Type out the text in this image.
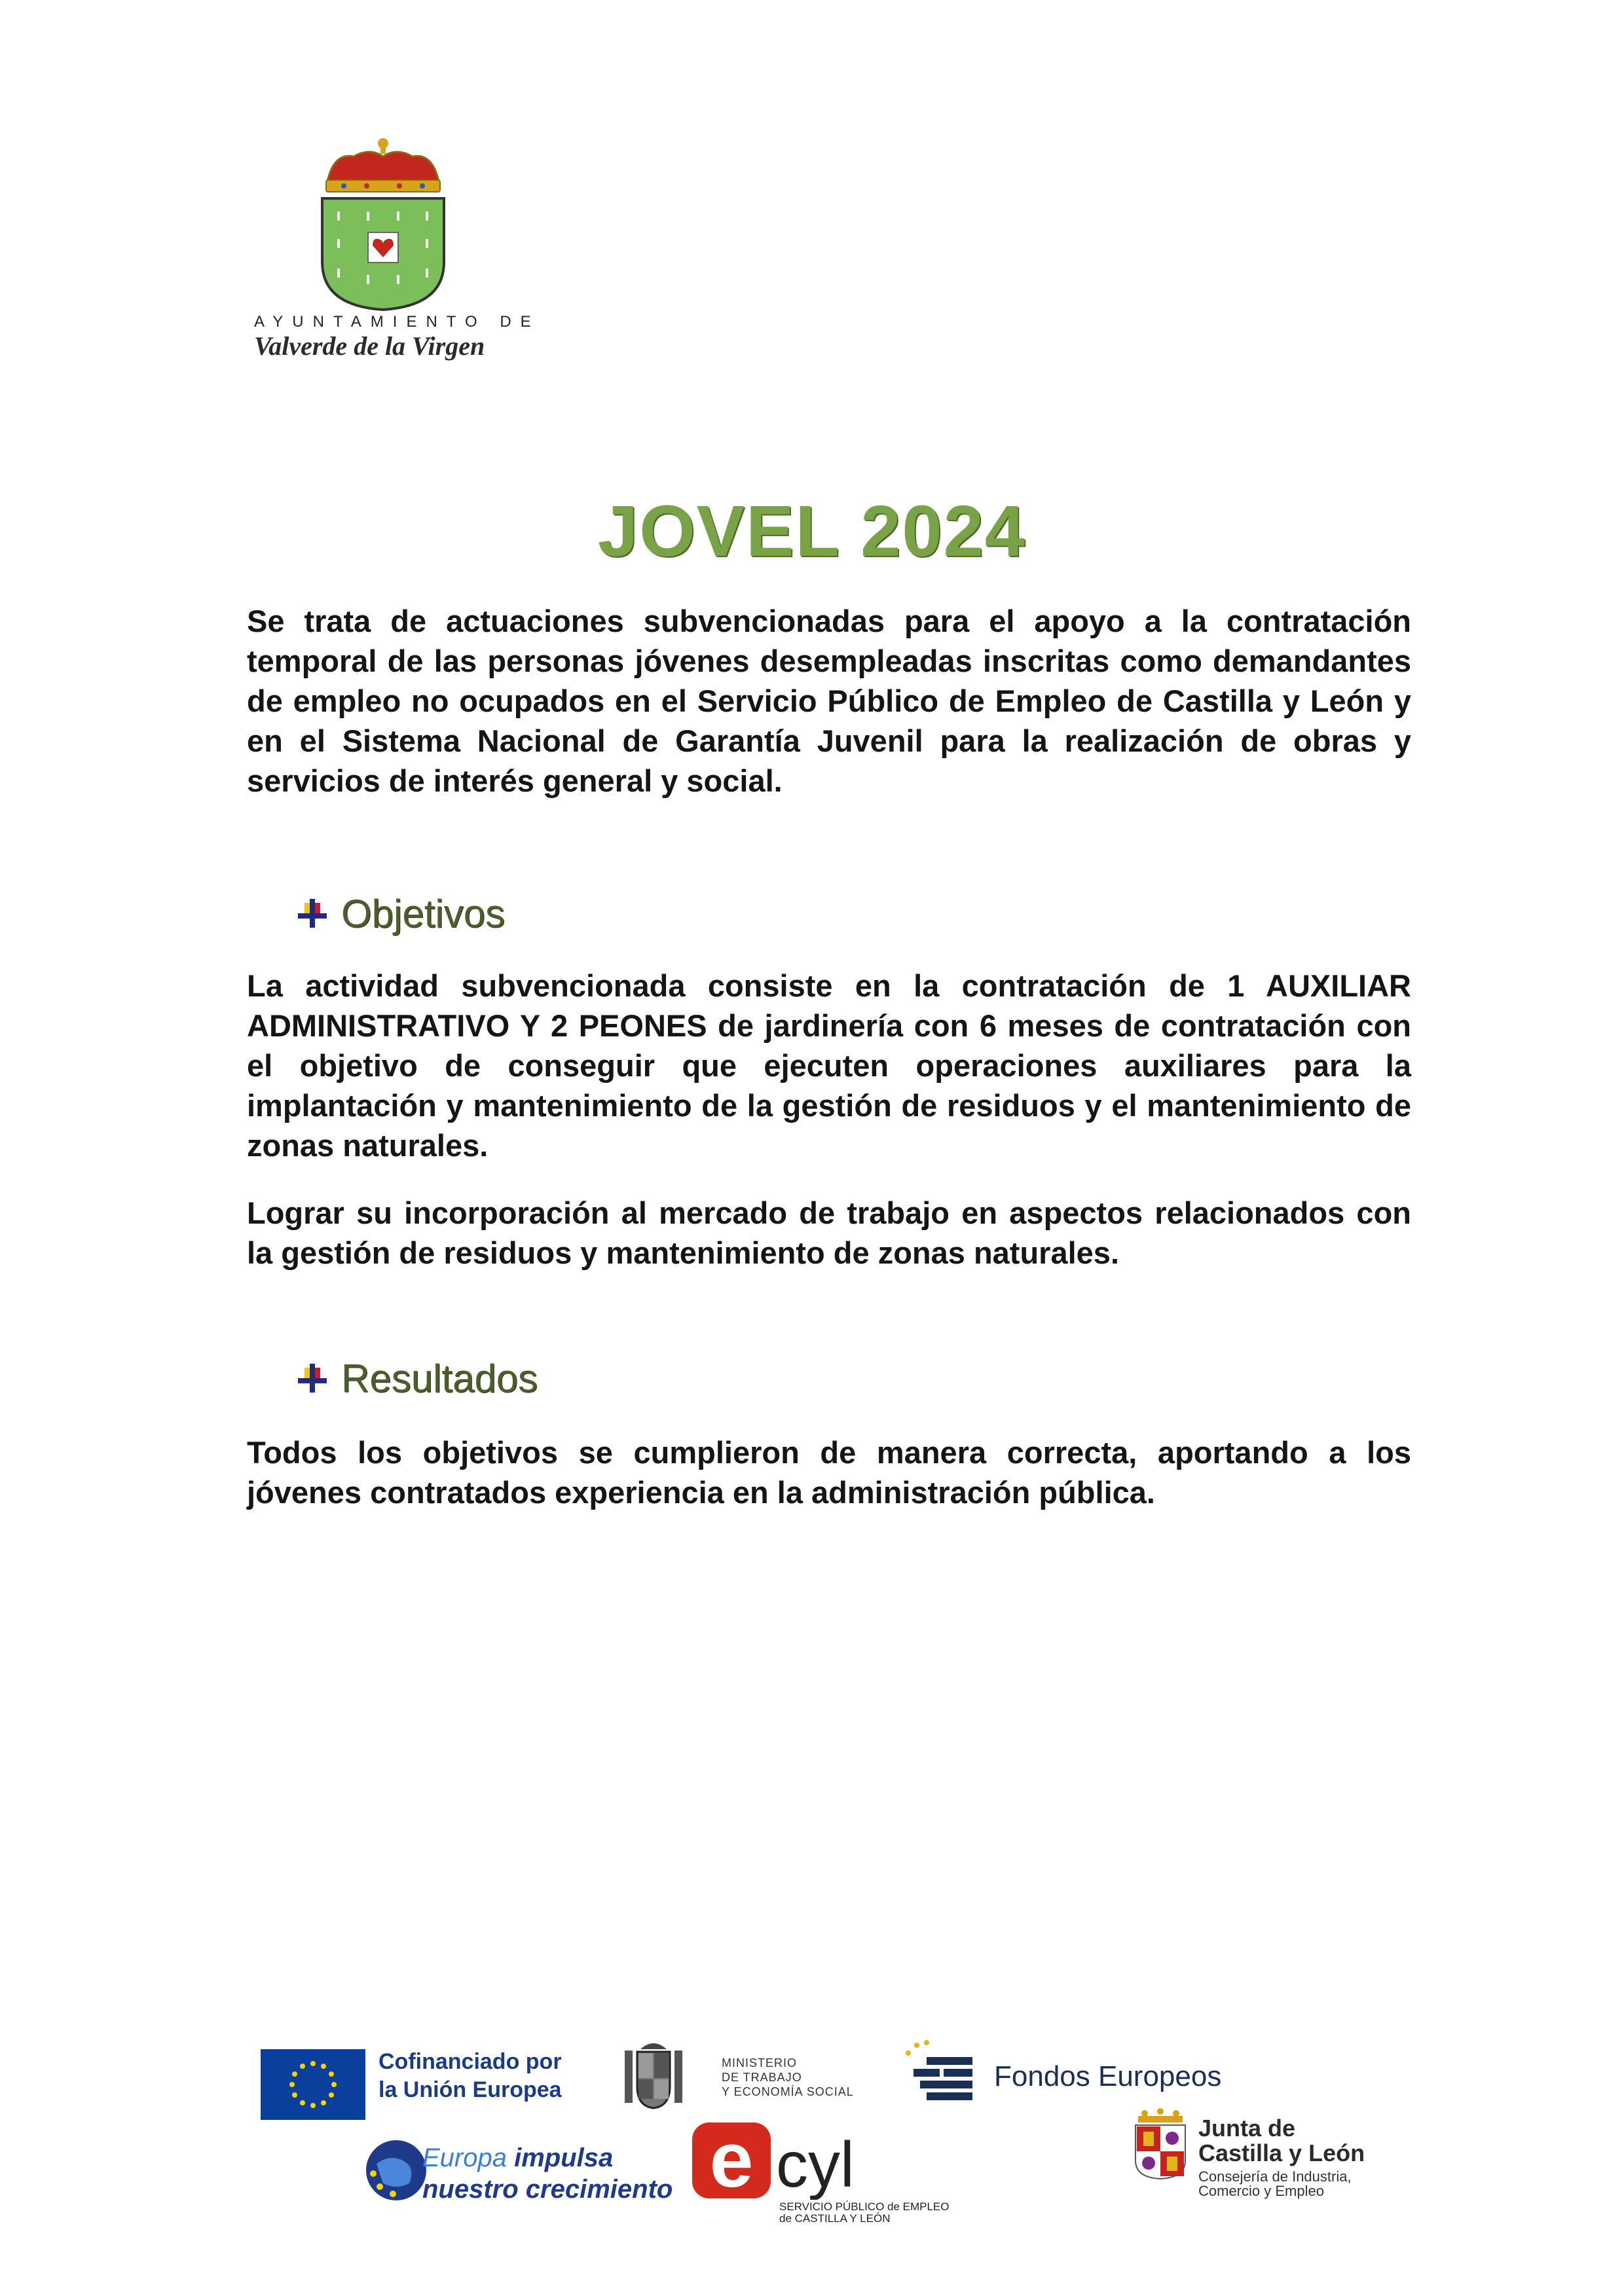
AYUNTAMIENTO DE
Valverde de la Virgen
JOVEL 2024

Se trata de actuaciones subvencionadas para el apoyo a la contratación temporal de las personas jóvenes desempleadas inscritas como demandantes de empleo no ocupados en el Servicio Público de Empleo de Castilla y León y en el Sistema Nacional de Garantía Juvenil para la realización de obras y servicios de interés general y social.

Objetivos

La actividad subvencionada consiste en la contratación de 1 AUXILIAR ADMINISTRATIVO Y 2 PEONES de jardinería con 6 meses de contratación con el objetivo de conseguir que ejecuten operaciones auxiliares para la implantación y mantenimiento de la gestión de residuos y el mantenimiento de zonas naturales.

Lograr su incorporación al mercado de trabajo en aspectos relacionados con la gestión de residuos y mantenimiento de zonas naturales.

Resultados

Todos los objetivos se cumplieron de manera correcta, aportando a los jóvenes contratados experiencia en la administración pública.

Cofinanciado por
la Unión Europea
MINISTERIO
DE TRABAJO
Y ECONOMÍA SOCIAL	Fondos Europeos
Europa impulsa
nuestro crecimiento e cyl
SERVICIO PÚBLICO de EMPLEO
de CASTILLA Y LEÓN
Junta de
Castilla y León
Consejería de Industria,
Comercio y Empleo
